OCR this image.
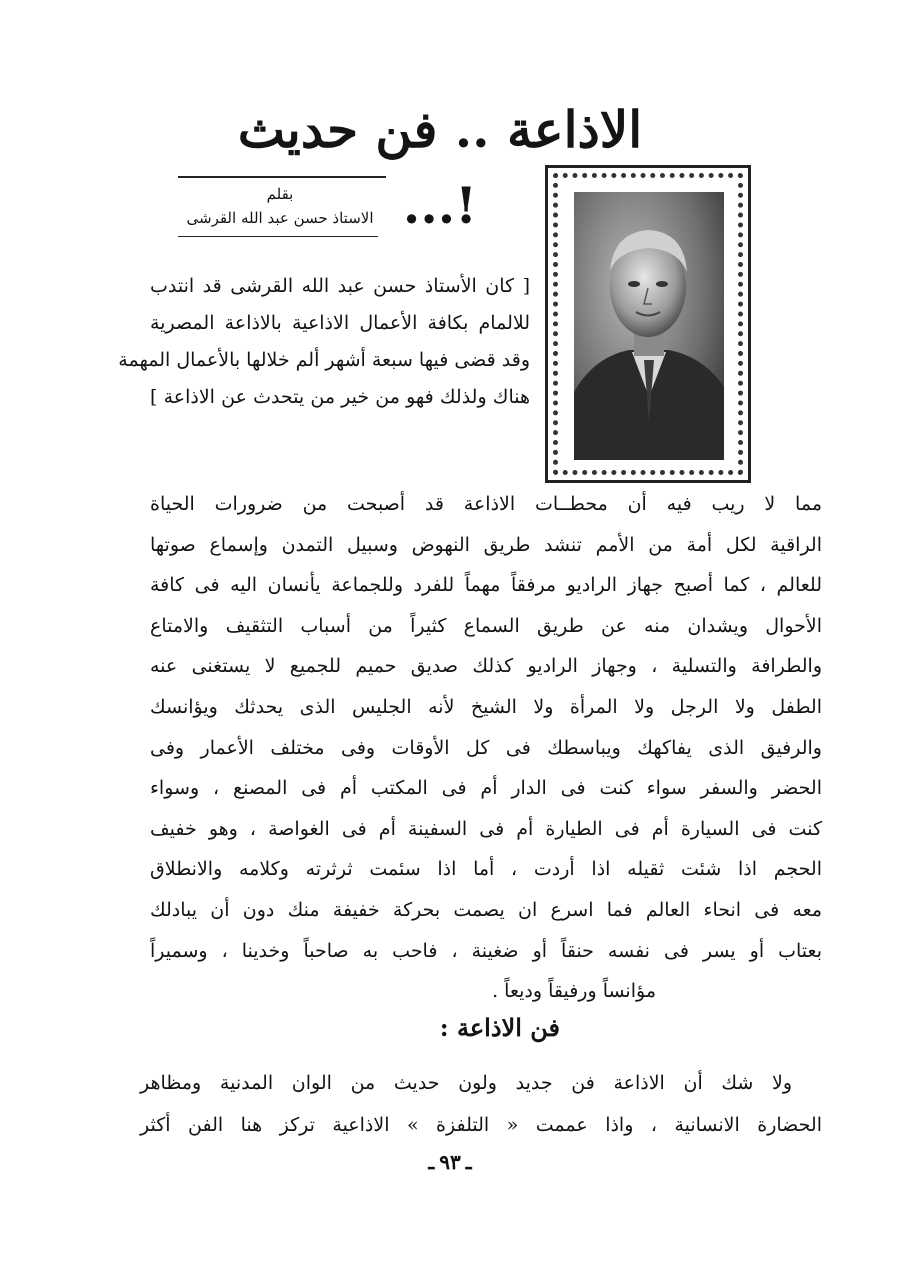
الاذاعة .. فن حديث !...
بقلم
الاستاذ حسن عبد الله القرشى
[ كان الأستاذ حسن عبد الله القرشى قد انتدب
للالمام بكافة الأعمال الاذاعية بالاذاعة المصرية
وقد قضى فيها سبعة أشهر ألم خلالها بالأعمال المهمة
هناك ولذلك فهو من خير من يتحدث عن الاذاعة ]
مما لا ريب فيه أن محطــات الاذاعة قد أصبحت من ضرورات الحياة
الراقية لكل أمة من الأمم تنشد طريق النهوض وسبيل التمدن وإسماع صوتها
للعالم ، كما أصبح جهاز الراديو مرفقاً مهماً للفرد وللجماعة يأنسان اليه فى كافة
الأحوال ويشدان منه عن طريق السماع كثيراً من أسباب التثقيف والامتاع
والطرافة والتسلية ، وجهاز الراديو كذلك صديق حميم للجميع لا يستغنى عنه
الطفل ولا الرجل ولا المرأة ولا الشيخ لأنه الجليس الذى يحدثك ويؤانسك
والرفيق الذى يفاكهك ويباسطك فى كل الأوقات وفى مختلف الأعمار وفى
الحضر والسفر سواء كنت فى الدار أم فى المكتب أم فى المصنع ، وسواء
كنت فى السيارة أم فى الطيارة أم فى السفينة أم فى الغواصة ، وهو خفيف
الحجم اذا شئت ثقيله اذا أردت ، أما اذا سئمت ثرثرته وكلامه والانطلاق
معه فى انحاء العالم فما اسرع ان يصمت بحركة خفيفة منك دون أن يبادلك
بعتاب أو يسر فى نفسه حنقاً أو ضغينة ، فاحب به صاحباً وخدينا ، وسميراً
مؤانساً ورفيقاً وديعاً .
فن الاذاعة :
ولا شك أن الاذاعة فن جديد ولون حديث من الوان المدنية ومظاهر
الحضارة الانسانية ، واذا عممت « التلفزة » الاذاعية تركز هنا الفن أكثر
ـ ٩٣ ـ
